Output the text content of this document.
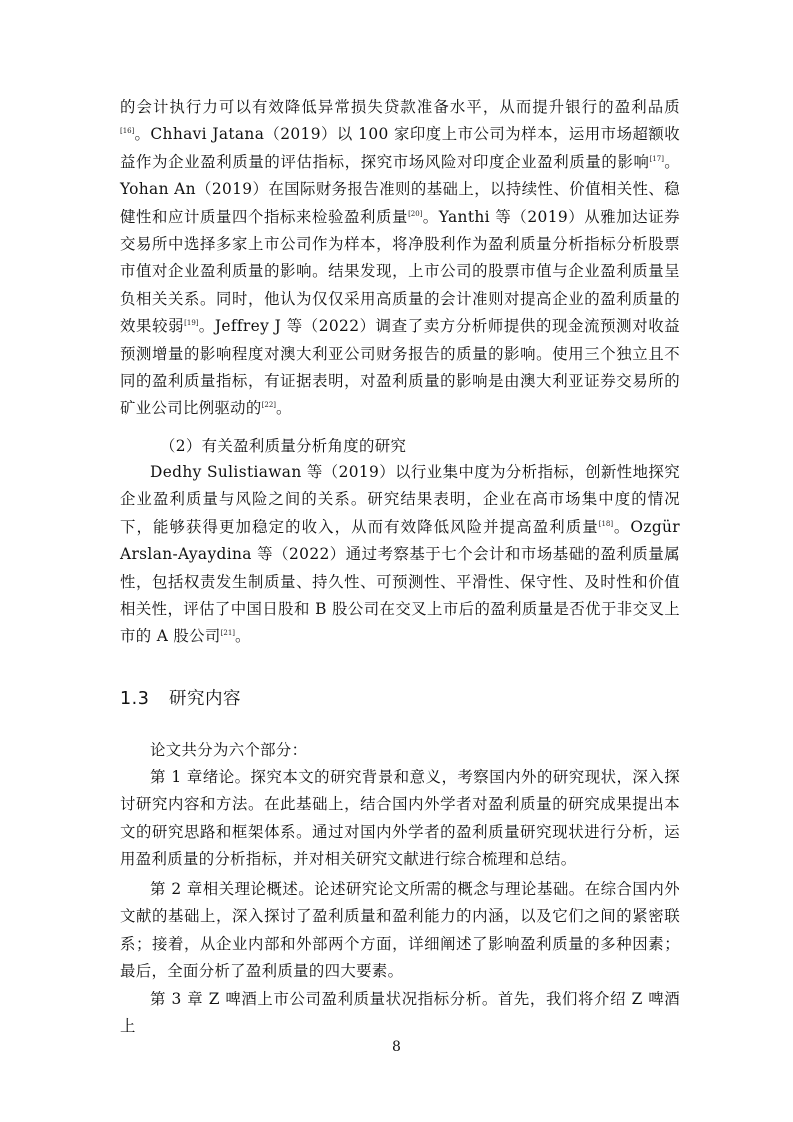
的会计执行力可以有效降低异常损失贷款准备水平，从而提升银行的盈利品质[16]。Chhavi Jatana（2019）以 100 家印度上市公司为样本，运用市场超额收益作为企业盈利质量的评估指标，探究市场风险对印度企业盈利质量的影响[17]。Yohan An（2019）在国际财务报告准则的基础上，以持续性、价值相关性、稳健性和应计质量四个指标来检验盈利质量[20]。Yanthi 等（2019）从雅加达证券交易所中选择多家上市公司作为样本，将净股利作为盈利质量分析指标分析股票市值对企业盈利质量的影响。结果发现，上市公司的股票市值与企业盈利质量呈负相关关系。同时，他认为仅仅采用高质量的会计准则对提高企业的盈利质量的效果较弱[19]。Jeffrey J 等（2022）调查了卖方分析师提供的现金流预测对收益预测增量的影响程度对澳大利亚公司财务报告的质量的影响。使用三个独立且不同的盈利质量指标，有证据表明，对盈利质量的影响是由澳大利亚证券交易所的矿业公司比例驱动的[22]。

（2）有关盈利质量分析角度的研究

Dedhy Sulistiawan 等（2019）以行业集中度为分析指标，创新性地探究企业盈利质量与风险之间的关系。研究结果表明，企业在高市场集中度的情况下，能够获得更加稳定的收入，从而有效降低风险并提高盈利质量[18]。Ozgür Arslan-Ayaydina 等（2022）通过考察基于七个会计和市场基础的盈利质量属性，包括权责发生制质量、持久性、可预测性、平滑性、保守性、及时性和价值相关性，评估了中国日股和 B 股公司在交叉上市后的盈利质量是否优于非交叉上市的 A 股公司[21]。

1.3 研究内容

论文共分为六个部分：

第 1 章绪论。探究本文的研究背景和意义，考察国内外的研究现状，深入探讨研究内容和方法。在此基础上，结合国内外学者对盈利质量的研究成果提出本文的研究思路和框架体系。通过对国内外学者的盈利质量研究现状进行分析，运用盈利质量的分析指标，并对相关研究文献进行综合梳理和总结。

第 2 章相关理论概述。论述研究论文所需的概念与理论基础。在综合国内外文献的基础上，深入探讨了盈利质量和盈利能力的内涵，以及它们之间的紧密联系；接着，从企业内部和外部两个方面，详细阐述了影响盈利质量的多种因素；最后，全面分析了盈利质量的四大要素。

第 3 章 Z 啤酒上市公司盈利质量状况指标分析。首先，我们将介绍 Z 啤酒上

8
